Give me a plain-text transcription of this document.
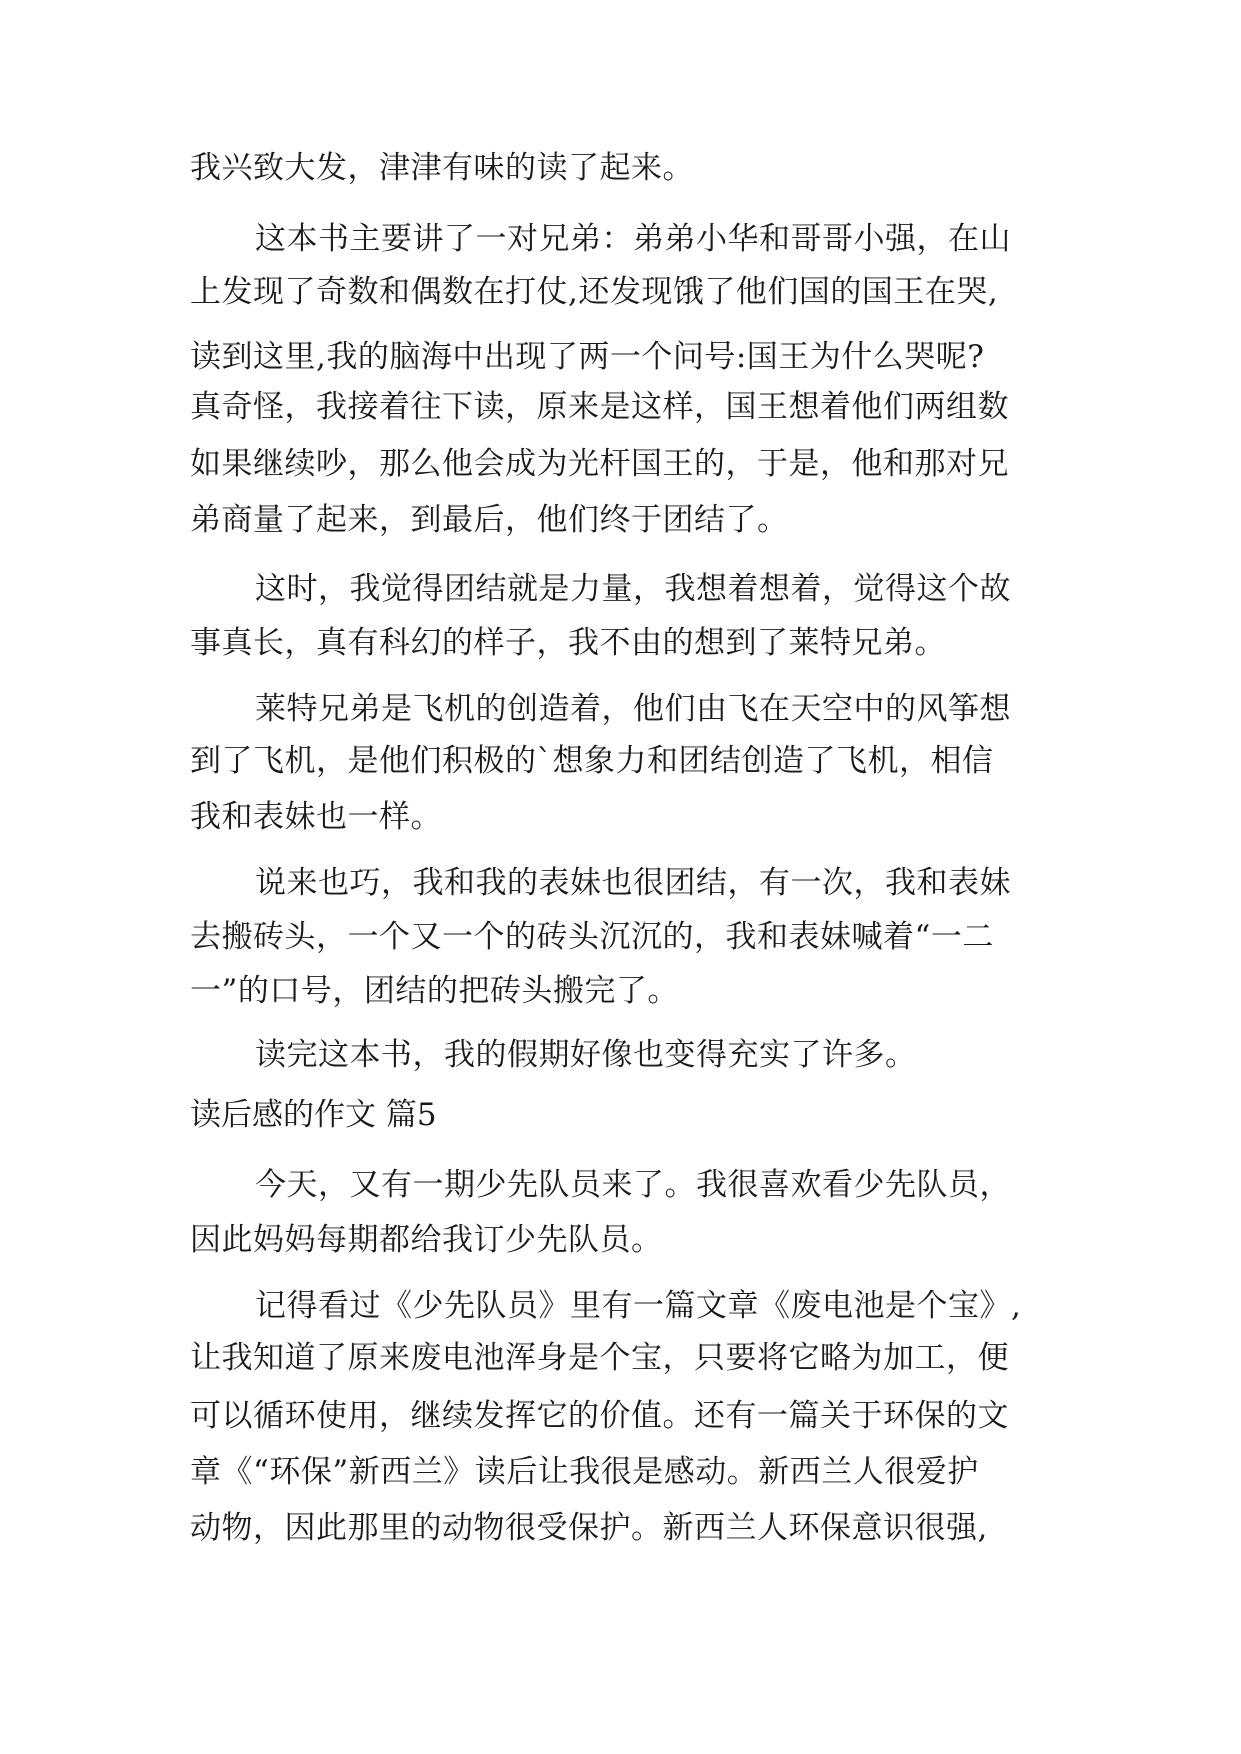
我兴致大发，津津有味的读了起来。
这本书主要讲了一对兄弟：弟弟小华和哥哥小强，在山
上发现了奇数和偶数在打仗,还发现饿了他们国的国王在哭,
读到这里,我的脑海中出现了两一个问号:国王为什么哭呢?
真奇怪，我接着往下读，原来是这样，国王想着他们两组数
如果继续吵，那么他会成为光杆国王的，于是，他和那对兄
弟商量了起来，到最后，他们终于团结了。
这时，我觉得团结就是力量，我想着想着，觉得这个故
事真长，真有科幻的样子，我不由的想到了莱特兄弟。
莱特兄弟是飞机的创造着，他们由飞在天空中的风筝想
到了飞机，是他们积极的`想象力和团结创造了飞机，相信
我和表妹也一样。
说来也巧，我和我的表妹也很团结，有一次，我和表妹
去搬砖头，一个又一个的砖头沉沉的，我和表妹喊着“一二
一”的口号，团结的把砖头搬完了。
读完这本书，我的假期好像也变得充实了许多。
读后感的作文 篇5
今天，又有一期少先队员来了。我很喜欢看少先队员，
因此妈妈每期都给我订少先队员。
记得看过《少先队员》里有一篇文章《废电池是个宝》,
让我知道了原来废电池浑身是个宝，只要将它略为加工，便
可以循环使用，继续发挥它的价值。还有一篇关于环保的文
章《“环保”新西兰》读后让我很是感动。新西兰人很爱护
动物，因此那里的动物很受保护。新西兰人环保意识很强,
